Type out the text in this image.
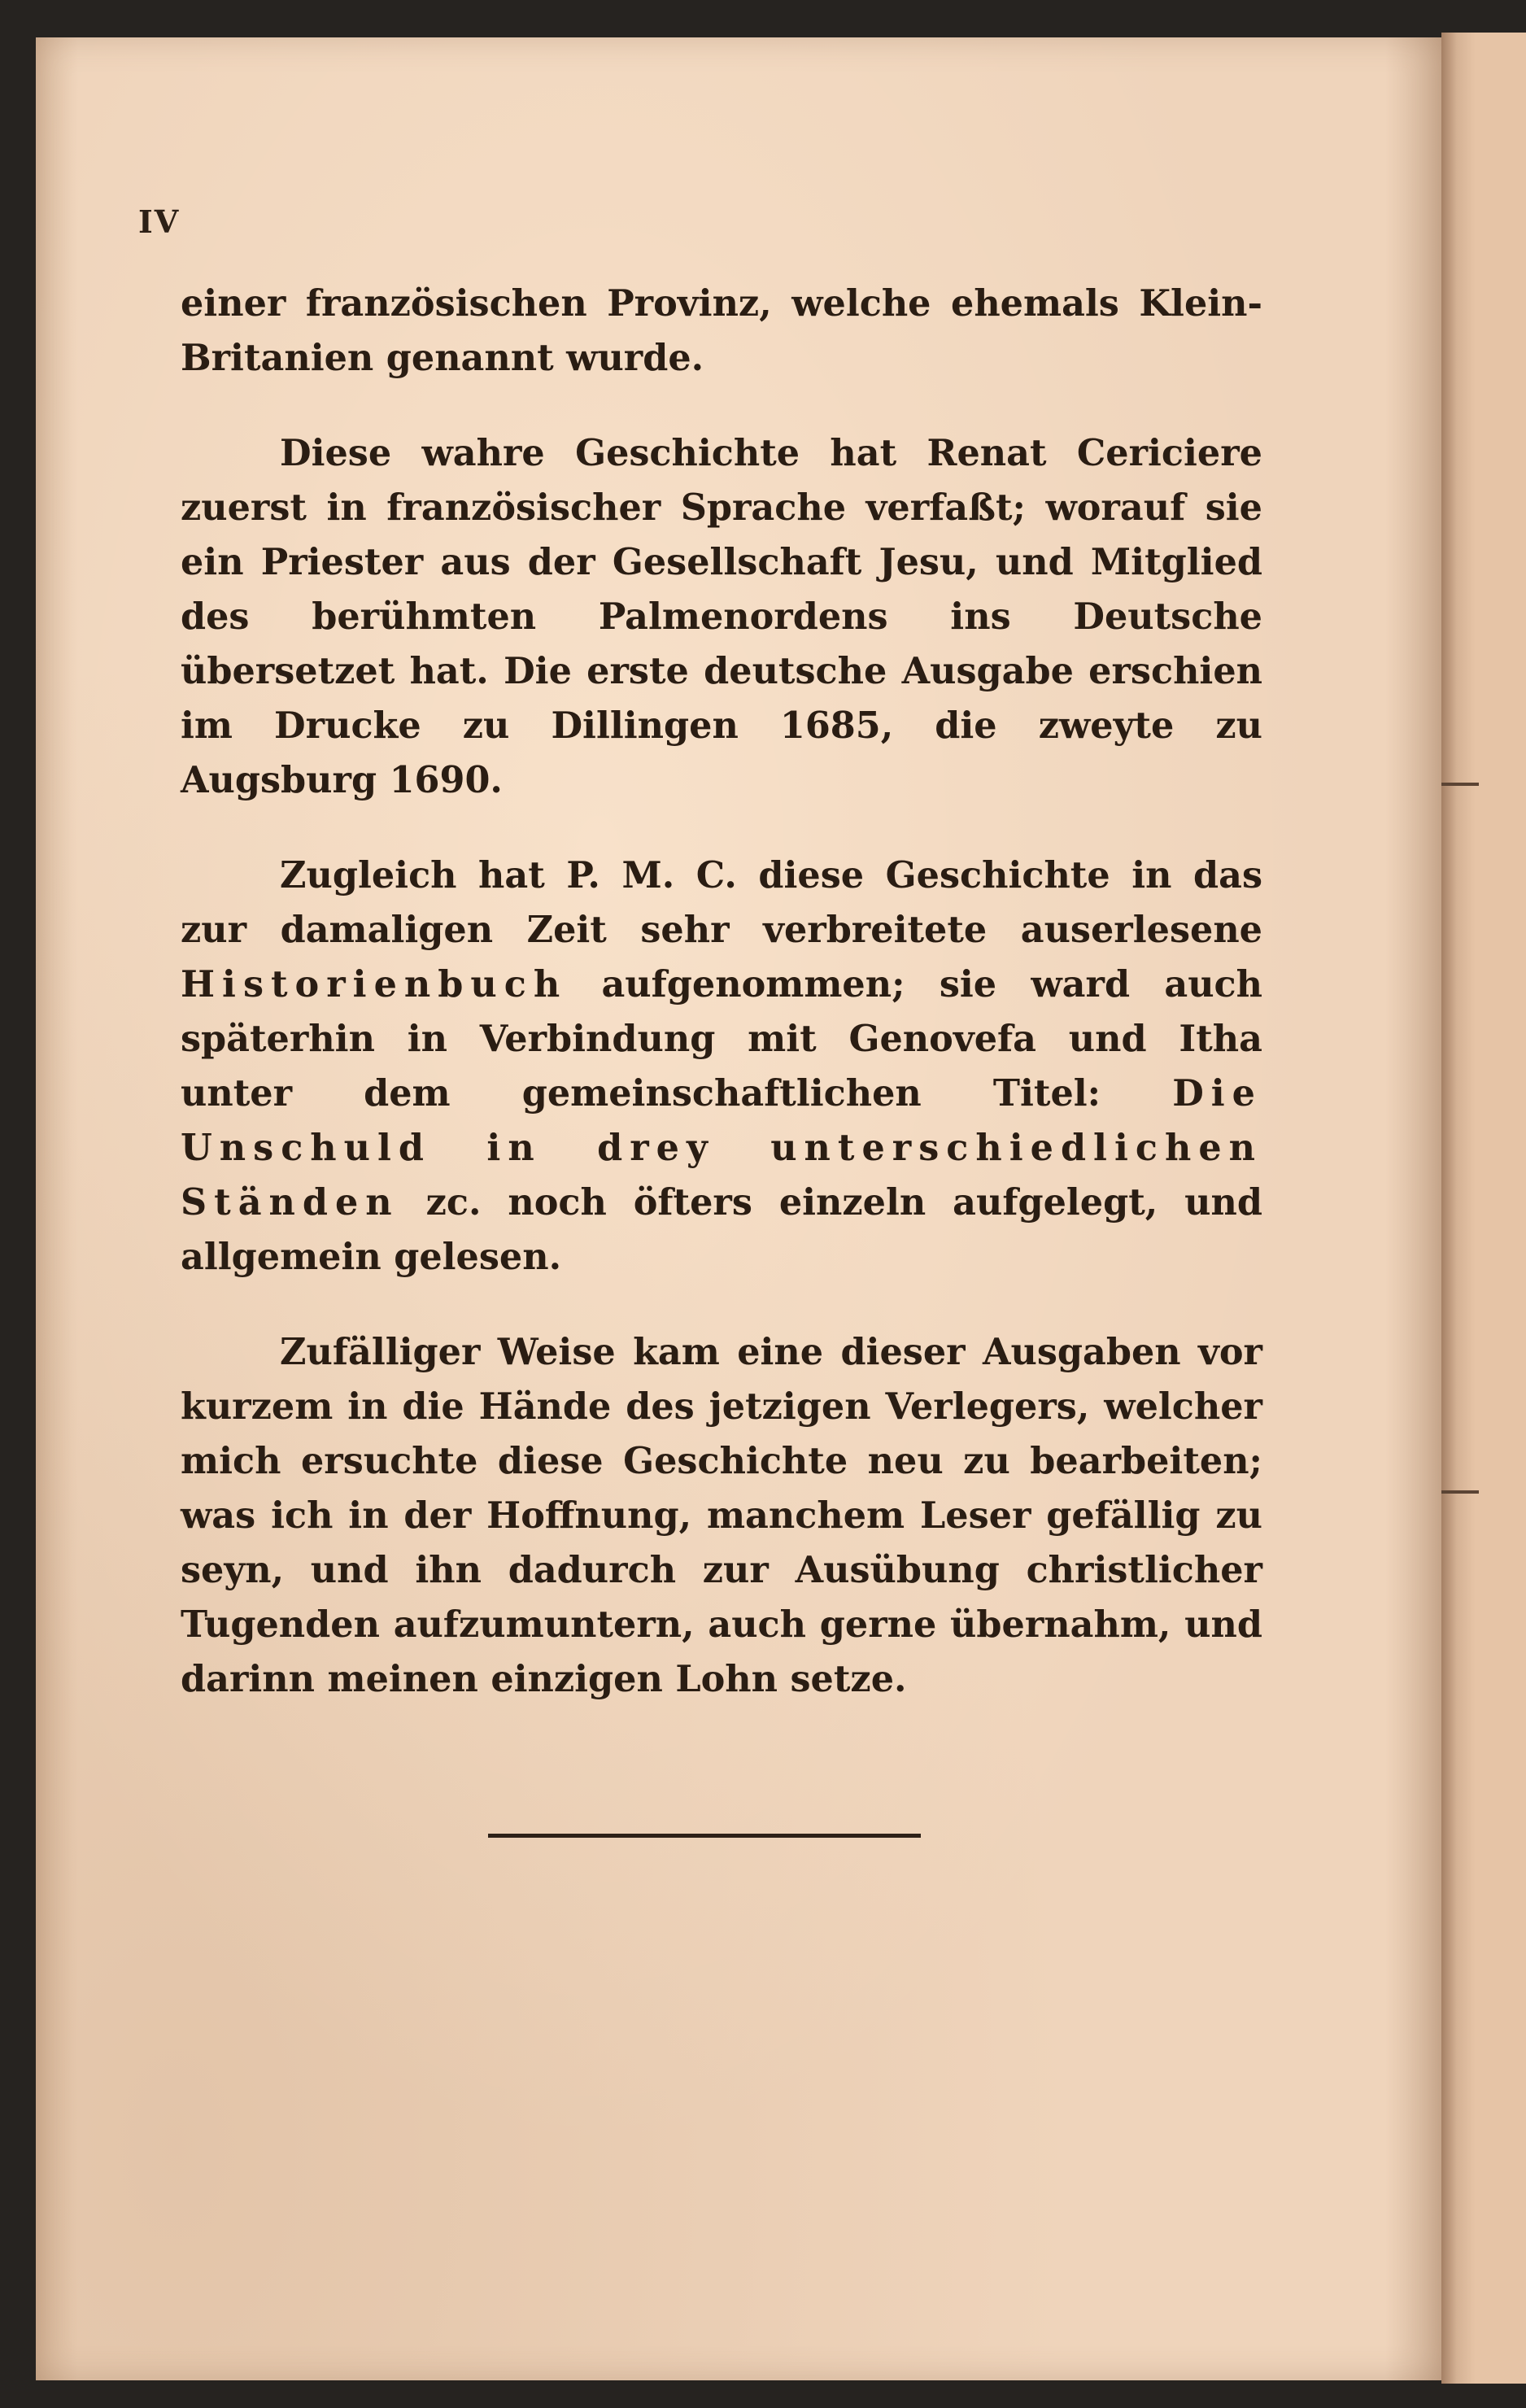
IV

einer französischen Provinz, welche ehemals Klein-Britanien genannt wurde.

Diese wahre Geschichte hat Renat Cericiere zuerst in französischer Sprache verfaßt; worauf sie ein Priester aus der Gesellschaft Jesu, und Mitglied des berühmten Palmenordens ins Deutsche übersetzet hat. Die erste deutsche Ausgabe erschien im Drucke zu Dillingen 1685, die zweyte zu Augsburg 1690.

Zugleich hat P. M. C. diese Geschichte in das zur damaligen Zeit sehr verbreitete auserlesene Historienbuch aufgenommen; sie ward auch späterhin in Verbindung mit Genovefa und Itha unter dem gemeinschaftlichen Titel: Die Unschuld in drey unterschiedlichen Ständen zc. noch öfters einzeln aufgelegt, und allgemein gelesen.

Zufälliger Weise kam eine dieser Ausgaben vor kurzem in die Hände des jetzigen Verlegers, welcher mich ersuchte diese Geschichte neu zu bearbeiten; was ich in der Hoffnung, manchem Leser gefällig zu seyn, und ihn dadurch zur Ausübung christlicher Tugenden aufzumuntern, auch gerne übernahm, und darinn meinen einzigen Lohn setze.
